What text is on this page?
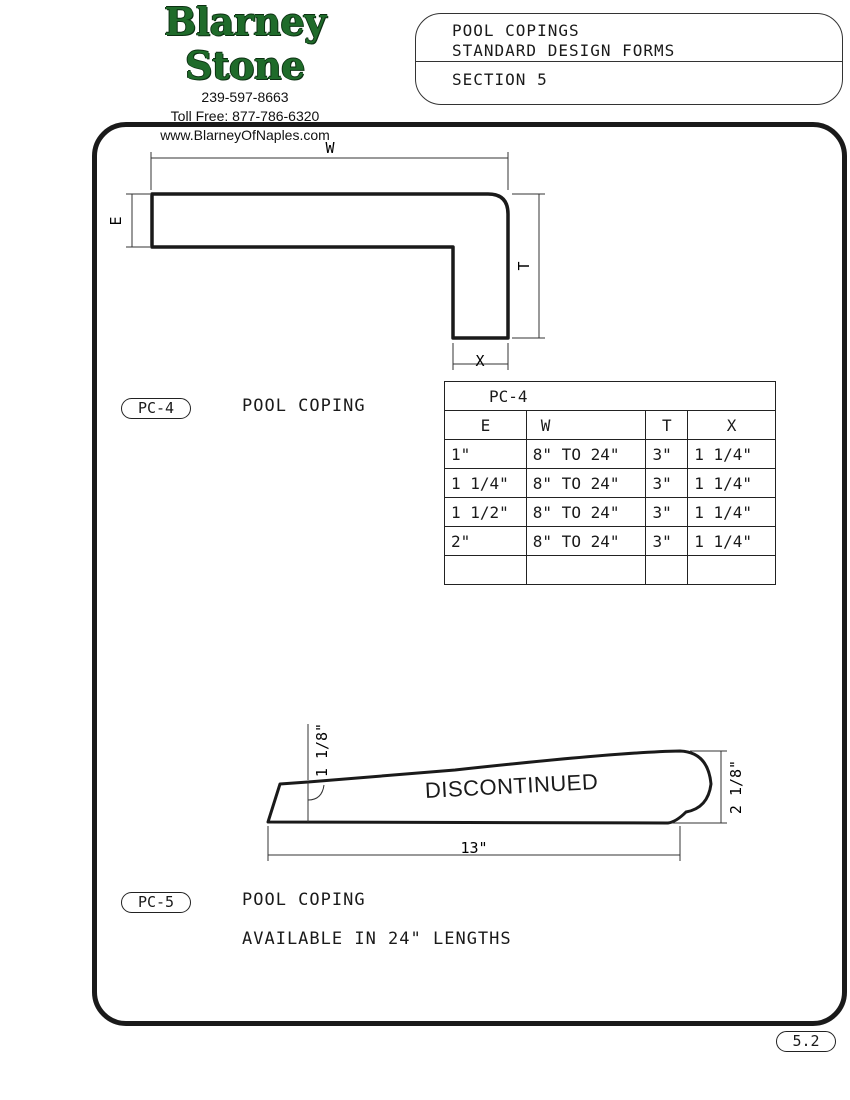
Blarney Stone
239-597-8663
Toll Free: 877-786-6320
www.BlarneyOfNaples.com
POOL COPINGS
STANDARD DESIGN FORMS
SECTION 5
W
E
T
X
1 1/8"
2 1/8"
13"
DISCONTINUED
PC-4	POOL COPING	PC-4			
E	W	T	X
1"	8" TO 24"	3"	1 1/4"
1 1/4"	8" TO 24"	3"	1 1/4"
1 1/2"	8" TO 24"	3"	1 1/4"
2"	8" TO 24"	3"	1 1/4"

PC-5	POOL COPING
AVAILABLE IN 24" LENGTHS
5.2
